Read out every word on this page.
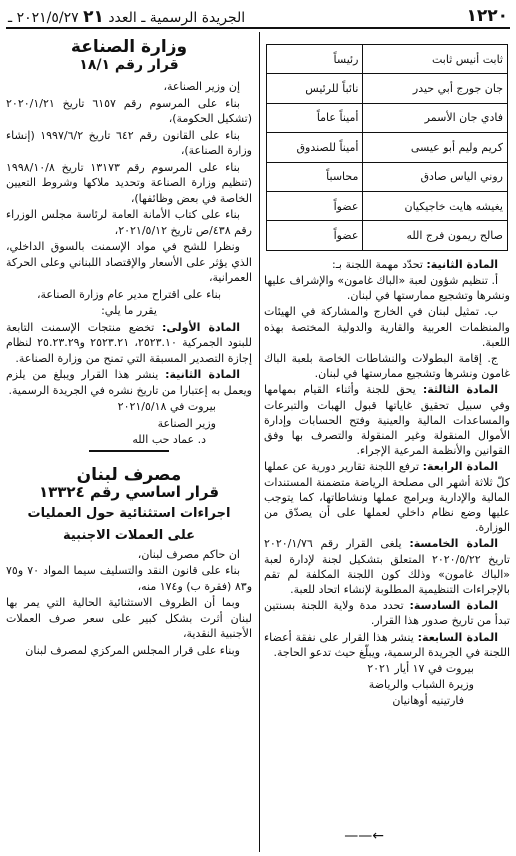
١٢٢٠
الجريدة الرسمية ـ العدد ٢١ ٢٠٢١/٥/٢٧ ـ
ثابت أنيس ثابت	رئيساً
جان جورج أبي حيدر	نائباً للرئيس
فادي جان الأسمر	أميناً عاماً
كريم وليم أبو عيسى	أميناً للصندوق
روني الياس صادق	محاسباً
يغيشه هايت خاجيكيان	عضواً
صالح ريمون فرج الله	عضواً

المادة الثانية: تحدّد مهمة اللجنة بـ:

أ. تنظيم شؤون لعبة «الباك غامون» والإشراف عليها ونشرها وتشجيع ممارستها في لبنان.

ب. تمثيل لبنان في الخارج والمشاركة في الهيئات والمنظمات العربية والقارية والدولية المختصة بهذه اللعبة.

ج. إقامة البطولات والنشاطات الخاصة بلعبة الباك غامون ونشرها وتشجيع ممارستها في لبنان.

المادة الثالثة: يحق للجنة وأثناء القيام بمهامها وفي سبيل تحقيق غاياتها قبول الهبات والتبرعات والمساعدات المالية والعينية وفتح الحسابات وإدارة الأموال المنقولة وغير المنقولة والتصرف بها وفق القوانين والأنظمة المرعية الإجراء.

المادة الرابعة: ترفع اللجنة تقارير دورية عن عملها كلّ ثلاثة أشهر الى مصلحة الرياضة متضمنة المستندات المالية والإدارية وبرامج عملها ونشاطاتها، كما يتوجب عليها وضع نظام داخلي لعملها على أن يصدّق من الوزارة.

المادة الخامسة: يلغى القرار رقم ٢٠٢٠/١/٧٦ تاريخ ٢٠٢٠/٥/٢٢ المتعلق بتشكيل لجنة لإدارة لعبة «الباك غامون» وذلك كون اللجنة المكلفة لم تقم بالإجراءات التنظيمية المطلوبة لإنشاء اتحاد للعبة.

المادة السادسة: تحدد مدة ولاية اللجنة بسنتين تبدأ من تاريخ صدور هذا القرار.

المادة السابعة: ينشر هذا القرار على نفقة أعضاء اللجنة في الجريدة الرسمية، ويبلّغ حيث تدعو الحاجة.

بيروت في ١٧ أيار ٢٠٢١

وزيرة الشباب والرياضة

فارتينيه أوهانيان

وزارة الصناعة
قرار رقم ١٨/١

إن وزير الصناعة،

بناء على المرسوم رقم ٦١٥٧ تاريخ ٢٠٢٠/١/٢١ (تشكيل الحكومة)،

بناء على القانون رقم ٦٤٢ تاريخ ١٩٩٧/٦/٢ (إنشاء وزارة الصناعة)،

بناء على المرسوم رقم ١٣١٧٣ تاريخ ١٩٩٨/١٠/٨ (تنظيم وزارة الصناعة وتحديد ملاكها وشروط التعيين الخاصة في بعض وظائفها)،

بناء على كتاب الأمانة العامة لرئاسة مجلس الوزراء رقم ٤٣٨/ص تاريخ ٢٠٢١/٥/١٢،

ونظرا للشح في مواد الإسمنت بالسوق الداخلي، الذي يؤثر على الأسعار والإقتصاد اللبناني وعلى الحركة العمرانية،

بناء على اقتراح مدير عام وزارة الصناعة،

يقرر ما يلي:

المادة الأولى: تخضع منتجات الإسمنت التابعة للبنود الجمركية ٢٥٢٣.١٠، ٢٥٢٣.٢١ و٢٥.٢٣.٢٩ لنظام إجازة التصدير المسبقة التي تمنح من وزارة الصناعة.

المادة الثانية: ينشر هذا القرار ويبلغ من يلزم ويعمل به إعتبارا من تاريخ نشره في الجريدة الرسمية.

بيروت في ٢٠٢١/٥/١٨

وزير الصناعة

د. عماد حب الله

مصرف لبنان
قرار اساسي رقم ١٣٣٢٤
اجراءات استثنائية حول العمليات
على العملات الاجنبية

ان حاكم مصرف لبنان،

بناء على قانون النقد والتسليف سيما المواد ٧٠ و٧٥ و٨٣ (فقرة ب) و١٧٤ منه،

وبما أن الظروف الاستثنائية الحالية التي يمر بها لبنان أثرت بشكل كبير على سعر صرف العملات الأجنبية النقدية،

وبناء على قرار المجلس المركزي لمصرف لبنان

←——
